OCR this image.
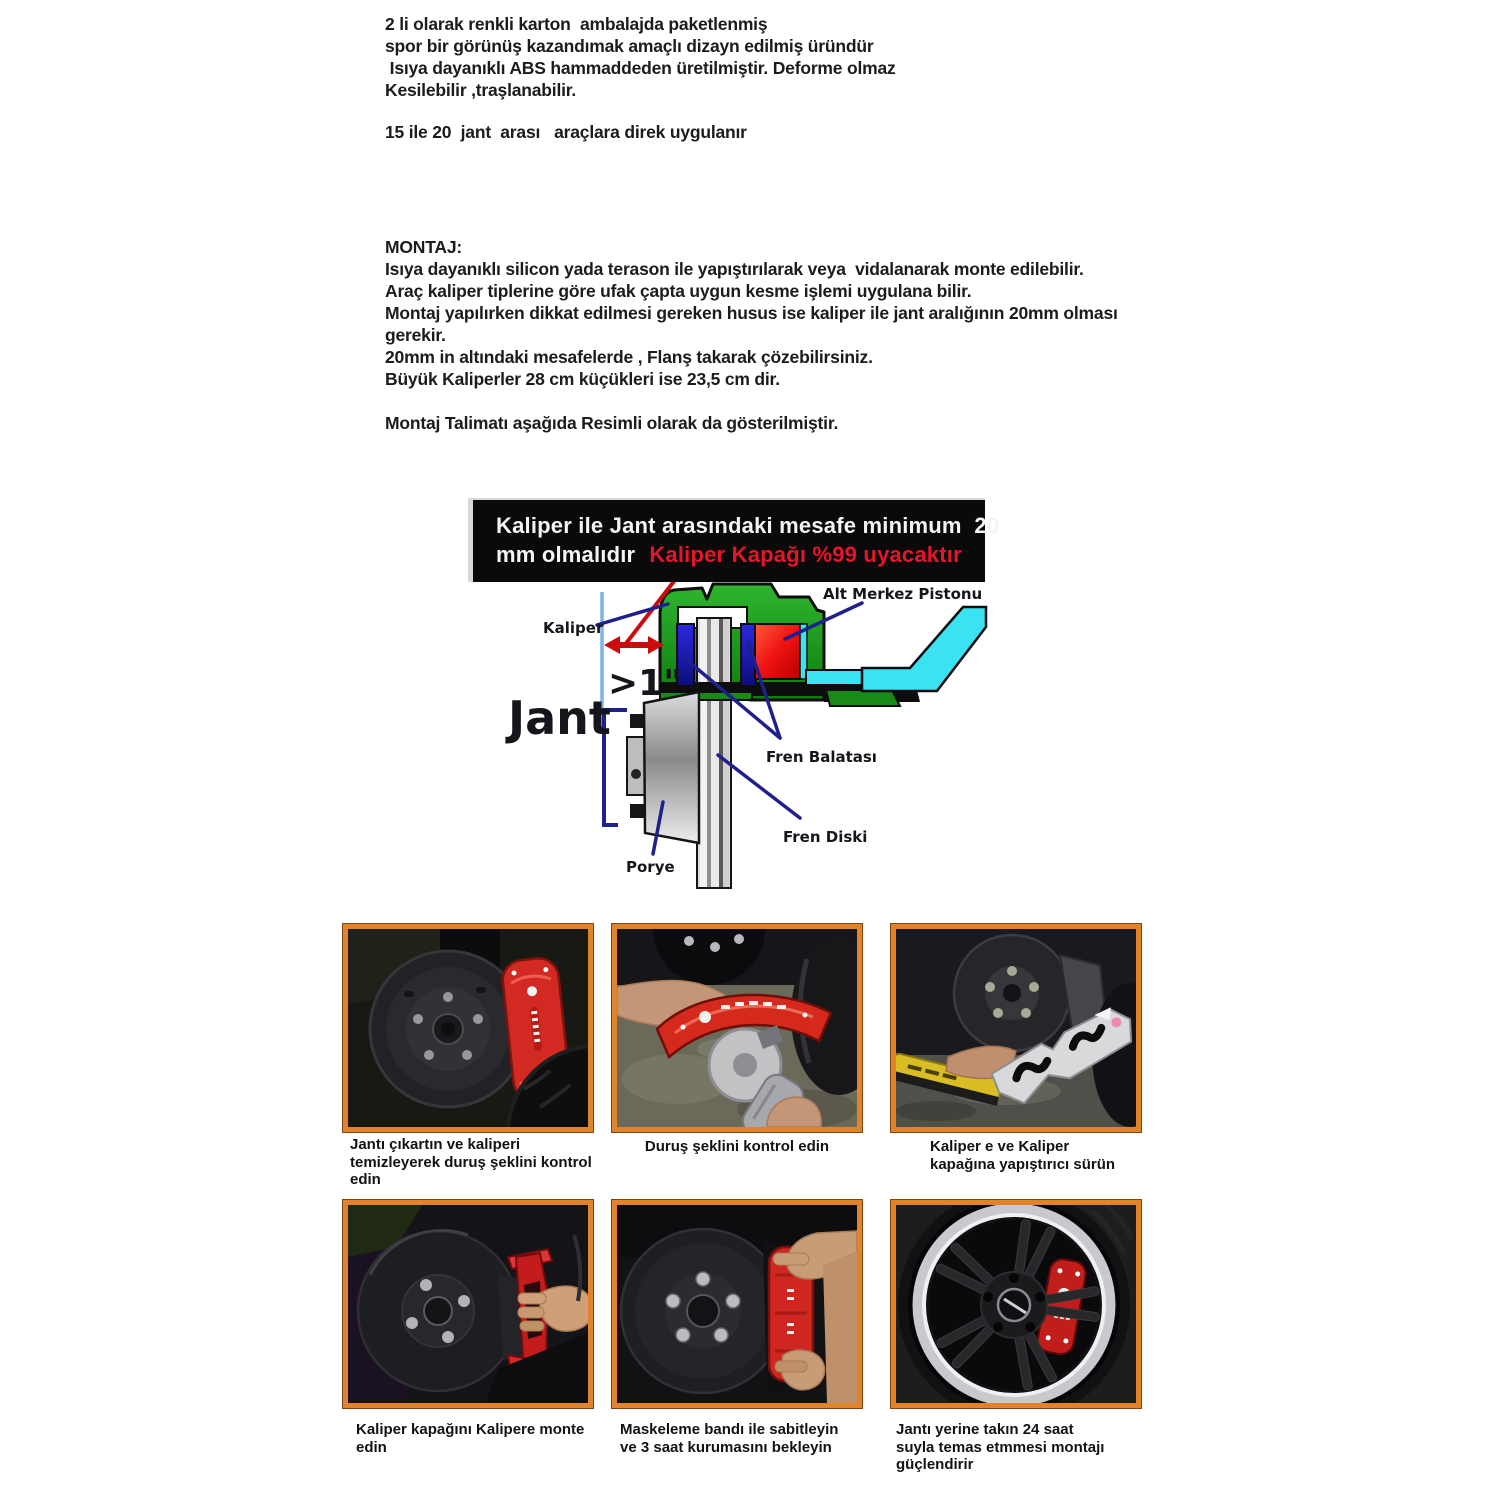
2 li olarak renkli karton  ambalajda paketlenmiş
spor bir görünüş kazandımak amaçlı dizayn edilmiş üründür
Isıya dayanıklı ABS hammaddeden üretilmiştir. Deforme olmaz
Kesilebilir ,traşlanabilir.
15 ile 20  jant  arası   araçlara direk uygulanır
MONTAJ:
Isıya dayanıklı silicon yada terason ile yapıştırılarak veya  vidalanarak monte edilebilir.
Araç kaliper tiplerine göre ufak çapta uygun kesme işlemi uygulana bilir.
Montaj yapılırken dikkat edilmesi gereken husus ise kaliper ile jant aralığının 20mm olması
gerekir.
20mm in altındaki mesafelerde , Flanş takarak çözebilirsiniz.
Büyük Kaliperler 28 cm küçükleri ise 23,5 cm dir.
Montaj Talimatı aşağıda Resimli olarak da gösterilmiştir.
Kaliper ile Jant arasındaki mesafe minimum  20
mm olmalıdır Kaliper Kapağı %99 uyacaktır
>1"
Kaliper
Jant
Alt Merkez Pistonu
Fren Balatası
Fren Diski
Porye
Jantı çıkartın ve kaliperi temizleyerek duruş şeklini kontrol edin
Duruş şeklini kontrol edin	Kaliper e ve Kaliper kapağına yapıştırıcı sürün
Kaliper kapağını Kalipere monte edin
Maskeleme bandı ile sabitleyin ve 3 saat kurumasını bekleyin
Jantı yerine takın 24 saat suyla temas etmmesi montajı güçlendirir
